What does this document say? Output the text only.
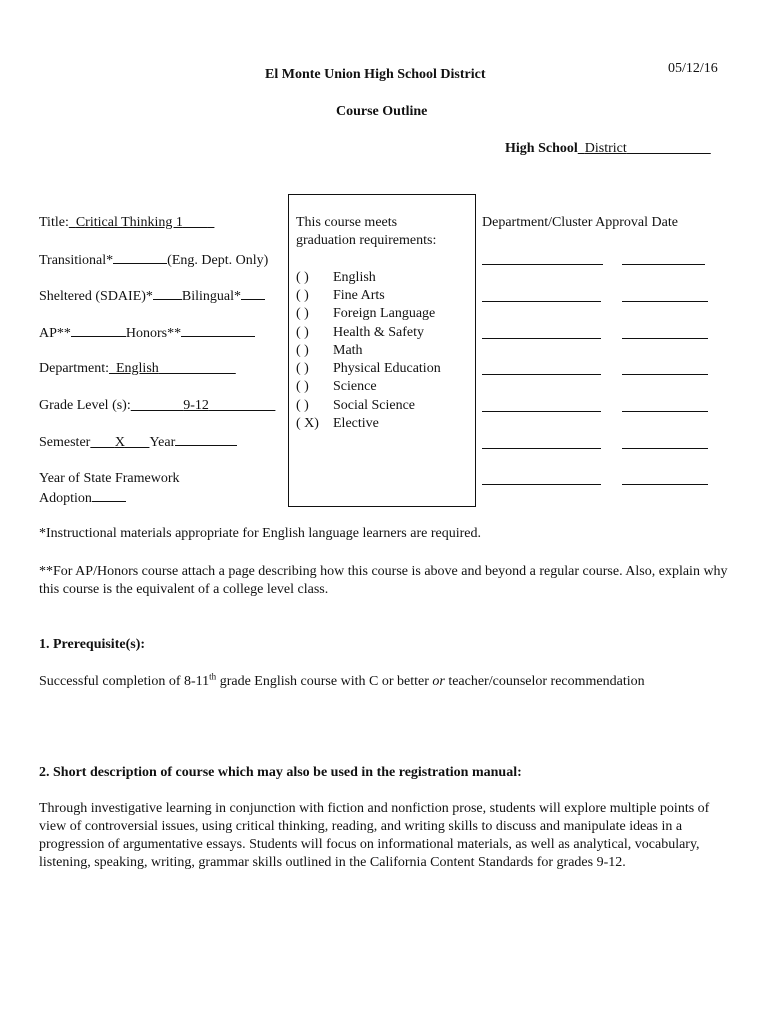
05/12/16
El Monte Union High School District
Course Outline
High School District
Title: Critical Thinking 1
Transitional*	(Eng. Dept. Only)
Sheltered (SDAIE)* Bilingual*
AP**	Honors**
Department: English
Grade Level (s):	9-12
Semester X Year
Year of State Framework
Adoption
This course meets
graduation requirements:
( ) English
( ) Fine Arts
( ) Foreign Language
( ) Health & Safety
( ) Math
( ) Physical Education
( ) Science
( ) Social Science
( X) Elective
Department/Cluster Approval Date
*Instructional materials appropriate for English language learners are required.
**For AP/Honors course attach a page describing how this course is above and beyond a regular course. Also, explain why this course is the equivalent of a college level class.
1. Prerequisite(s):
Successful completion of 8-11th grade English course with C or better or teacher/counselor recommendation
2. Short description of course which may also be used in the registration manual:
Through investigative learning in conjunction with fiction and nonfiction prose, students will explore multiple points of view of controversial issues, using critical thinking, reading, and writing skills to discuss and manipulate ideas in a progression of argumentative essays. Students will focus on informational materials, as well as analytical, vocabulary, listening, speaking, writing, grammar skills outlined in the California Content Standards for grades 9-12.
